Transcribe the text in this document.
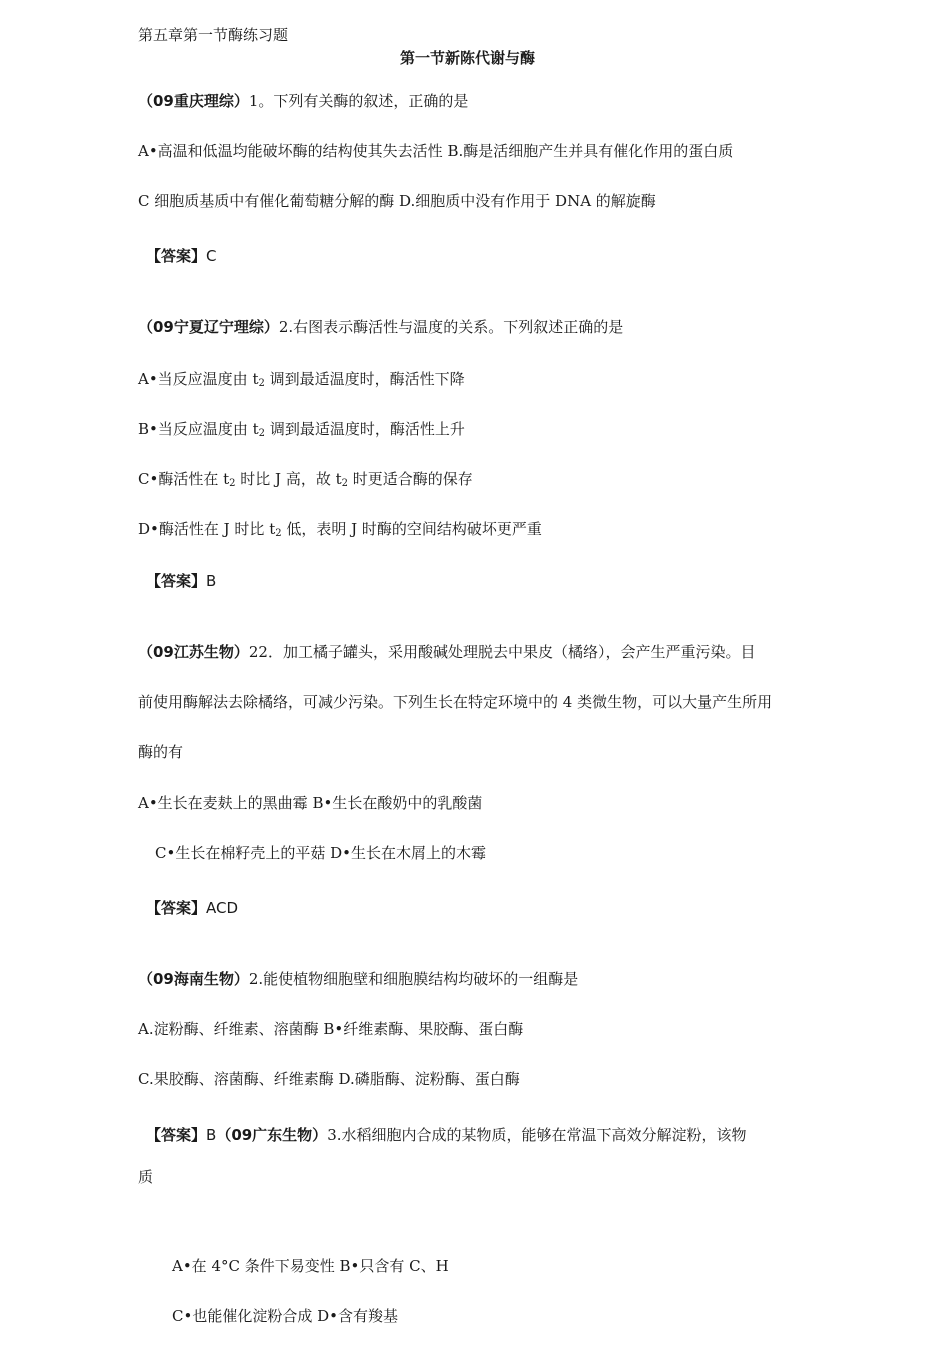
第五章第一节酶练习题
第一节新陈代谢与酶
（09重庆理综）1。下列有关酶的叙述，正确的是
A•高温和低温均能破坏酶的结构使其失去活性 B.酶是活细胞产生并具有催化作用的蛋白质
C 细胞质基质中有催化葡萄糖分解的酶 D.细胞质中没有作用于 DNA 的解旋酶
【答案】C
（09宁夏辽宁理综）2.右图表示酶活性与温度的关系。下列叙述正确的是
A•当反应温度由 $t_2$ 调到最适温度时，酶活性下降
B•当反应温度由 $t_2$ 调到最适温度时，酶活性上升
C•酶活性在 $t_2$ 时比 J 高，故 $t_2$ 时更适合酶的保存
D•酶活性在 J 时比 $t_2$ 低，表明 J 时酶的空间结构破坏更严重
【答案】B
（09江苏生物）22．加工橘子罐头，采用酸碱处理脱去中果皮（橘络），会产生严重污染。目
前使用酶解法去除橘络，可减少污染。下列生长在特定环境中的 4 类微生物，可以大量产生所用
酶的有
A•生长在麦麸上的黑曲霉 B•生长在酸奶中的乳酸菌
C•生长在棉籽壳上的平菇 D•生长在木屑上的木霉
【答案】ACD
（09海南生物）2.能使植物细胞壁和细胞膜结构均破坏的一组酶是
A.淀粉酶、纤维素、溶菌酶 B•纤维素酶、果胶酶、蛋白酶
C.果胶酶、溶菌酶、纤维素酶 D.磷脂酶、淀粉酶、蛋白酶
【答案】B（09广东生物）3.水稻细胞内合成的某物质，能够在常温下高效分解淀粉，该物
质
A•在 4°C 条件下易变性 B•只含有 C、H
C•也能催化淀粉合成 D•含有羧基
